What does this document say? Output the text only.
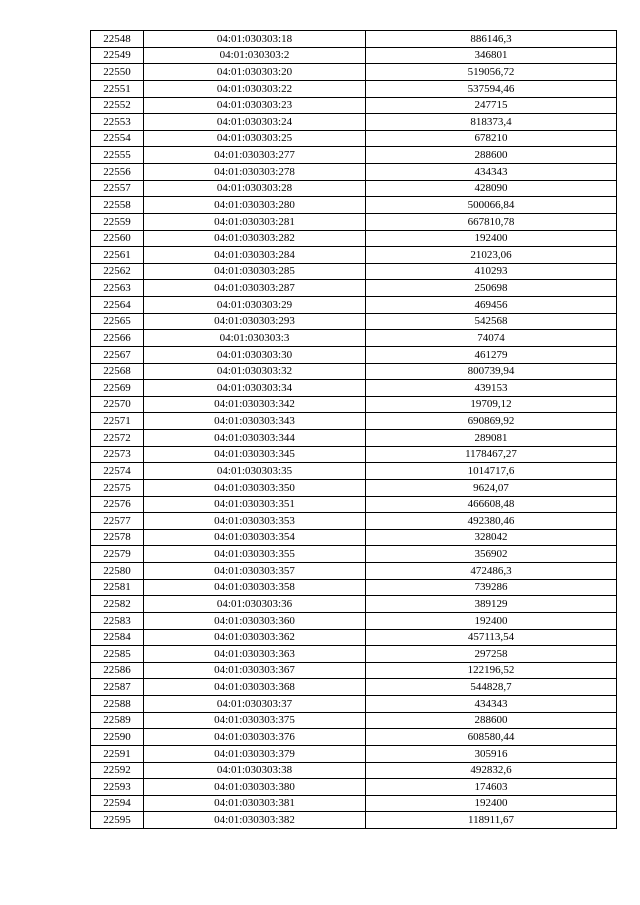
22548	04:01:030303:18	886146,3
22549	04:01:030303:2	346801
22550	04:01:030303:20	519056,72
22551	04:01:030303:22	537594,46
22552	04:01:030303:23	247715
22553	04:01:030303:24	818373,4
22554	04:01:030303:25	678210
22555	04:01:030303:277	288600
22556	04:01:030303:278	434343
22557	04:01:030303:28	428090
22558	04:01:030303:280	500066,84
22559	04:01:030303:281	667810,78
22560	04:01:030303:282	192400
22561	04:01:030303:284	21023,06
22562	04:01:030303:285	410293
22563	04:01:030303:287	250698
22564	04:01:030303:29	469456
22565	04:01:030303:293	542568
22566	04:01:030303:3	74074
22567	04:01:030303:30	461279
22568	04:01:030303:32	800739,94
22569	04:01:030303:34	439153
22570	04:01:030303:342	19709,12
22571	04:01:030303:343	690869,92
22572	04:01:030303:344	289081
22573	04:01:030303:345	1178467,27
22574	04:01:030303:35	1014717,6
22575	04:01:030303:350	9624,07
22576	04:01:030303:351	466608,48
22577	04:01:030303:353	492380,46
22578	04:01:030303:354	328042
22579	04:01:030303:355	356902
22580	04:01:030303:357	472486,3
22581	04:01:030303:358	739286
22582	04:01:030303:36	389129
22583	04:01:030303:360	192400
22584	04:01:030303:362	457113,54
22585	04:01:030303:363	297258
22586	04:01:030303:367	122196,52
22587	04:01:030303:368	544828,7
22588	04:01:030303:37	434343
22589	04:01:030303:375	288600
22590	04:01:030303:376	608580,44
22591	04:01:030303:379	305916
22592	04:01:030303:38	492832,6
22593	04:01:030303:380	174603
22594	04:01:030303:381	192400
22595	04:01:030303:382	118911,67
